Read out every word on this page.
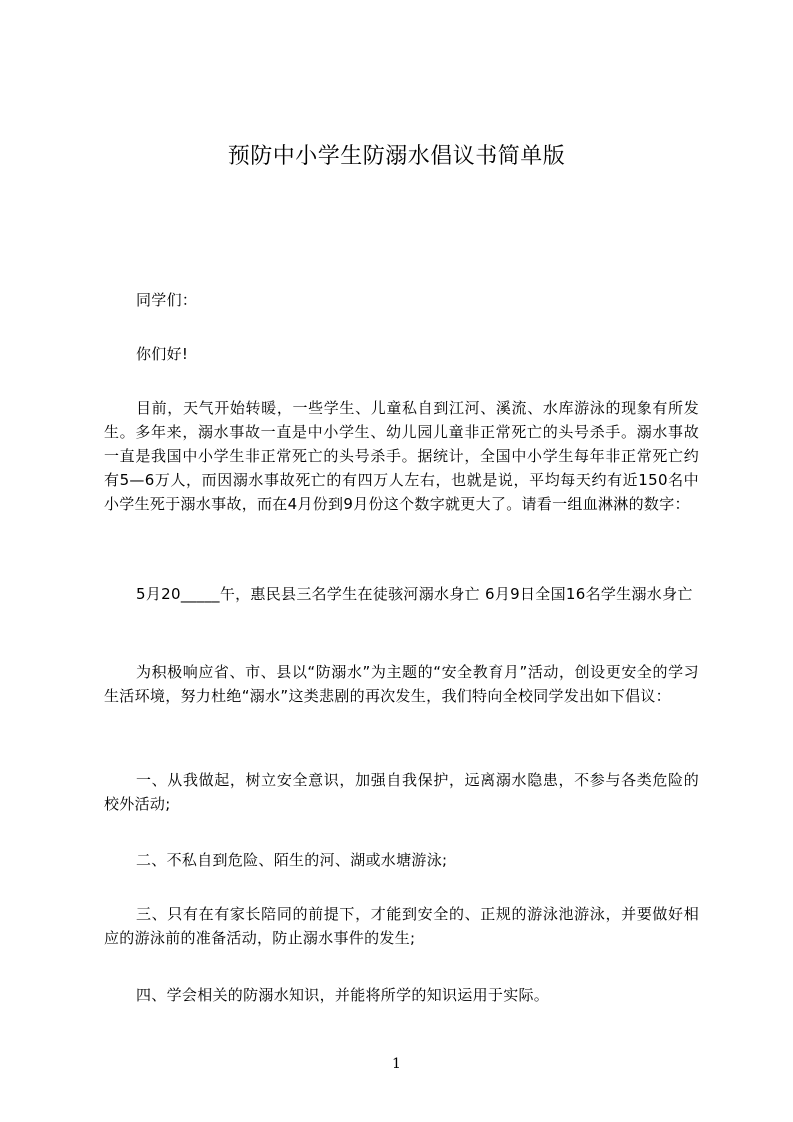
预防中小学生防溺水倡议书简单版

同学们：

你们好!

目前，天气开始转暖，一些学生、儿童私自到江河、溪流、水库游泳的现象有所发生。多年来，溺水事故一直是中小学生、幼儿园儿童非正常死亡的头号杀手。溺水事故一直是我国中小学生非正常死亡的头号杀手。据统计，全国中小学生每年非正常死亡约有5—6万人，而因溺水事故死亡的有四万人左右，也就是说，平均每天约有近150名中小学生死于溺水事故，而在4月份到9月份这个数字就更大了。请看一组血淋淋的数字：

5月20_____午，惠民县三名学生在徒骇河溺水身亡 6月9日全国16名学生溺水身亡

为积极响应省、市、县以“防溺水”为主题的“安全教育月”活动，创设更安全的学习生活环境，努力杜绝“溺水”这类悲剧的再次发生，我们特向全校同学发出如下倡议：

一、从我做起，树立安全意识，加强自我保护，远离溺水隐患，不参与各类危险的校外活动;

二、不私自到危险、陌生的河、湖或水塘游泳;

三、只有在有家长陪同的前提下，才能到安全的、正规的游泳池游泳，并要做好相应的游泳前的准备活动，防止溺水事件的发生;

四、学会相关的防溺水知识，并能将所学的知识运用于实际。

1
